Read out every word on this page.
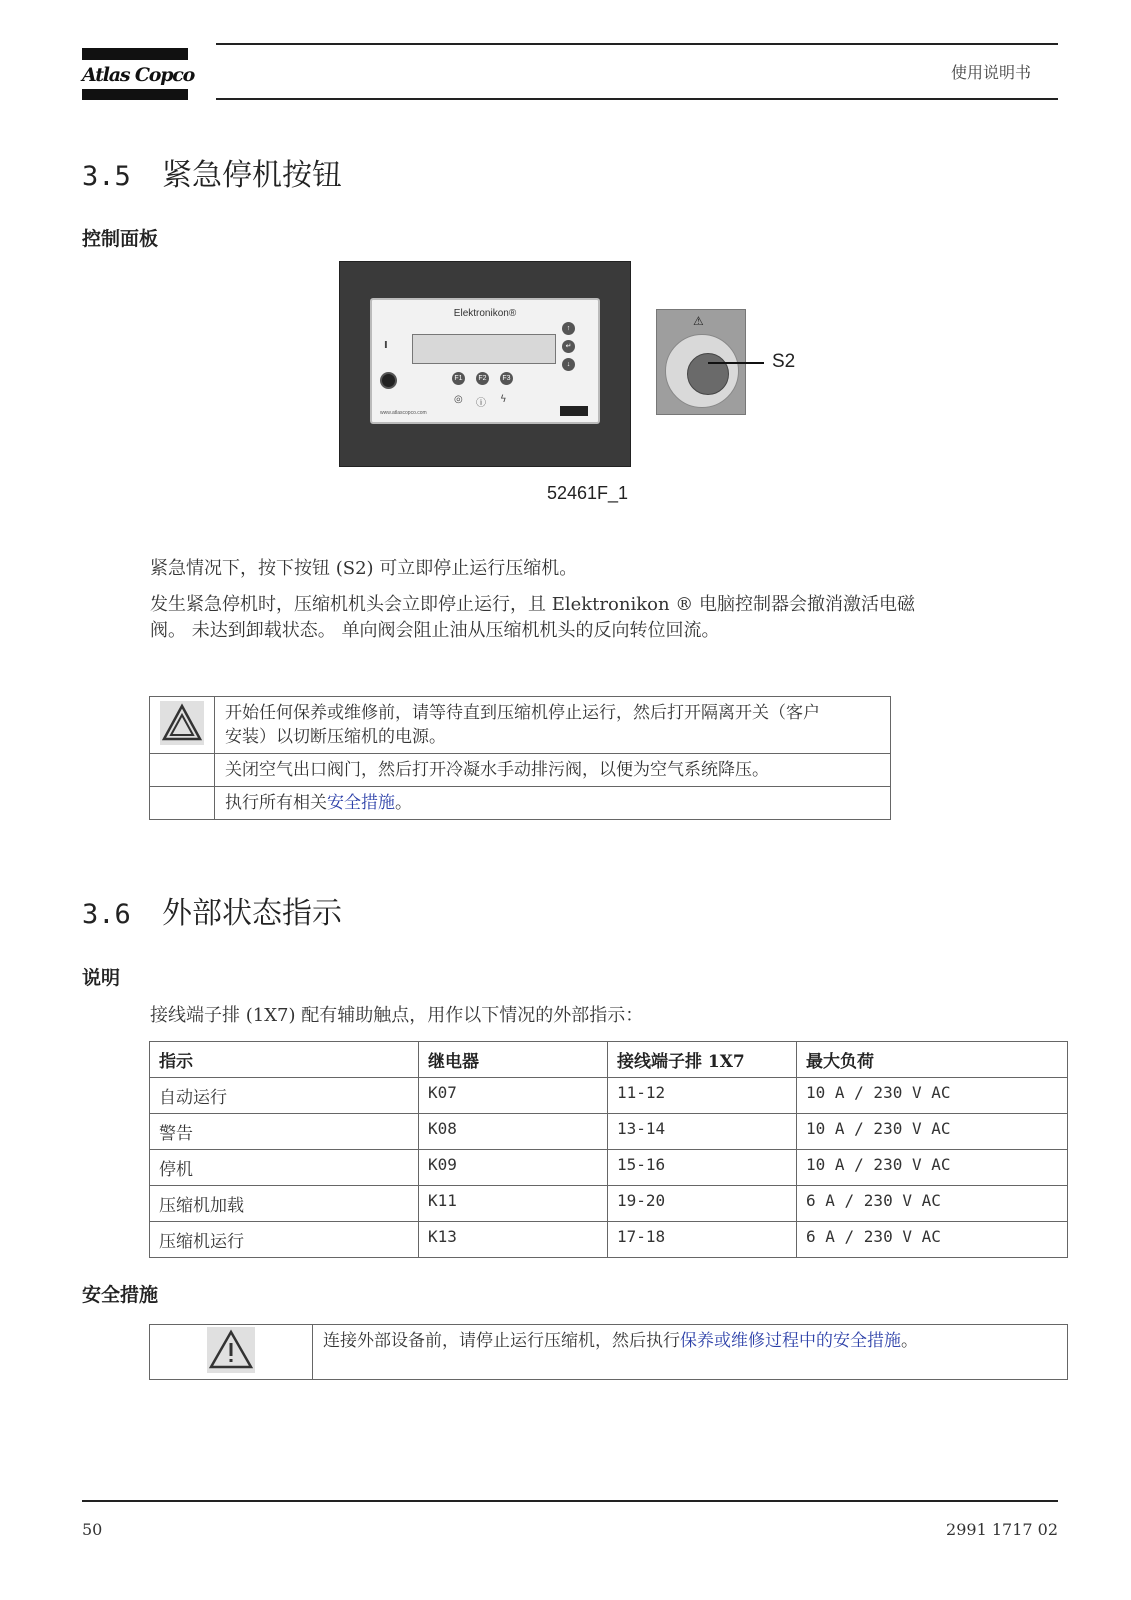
Atlas Copco	使用说明书
3.5 紧急停机按钮
控制面板
Elektronikon®
I
↑
↵
↓
F1	F2	F3
◎ ⓘ ϟ
www.atlascopco.com
⚠
S2
52461F_1

紧急情况下，按下按钮 (S2) 可立即停止运行压缩机。

发生紧急停机时，压缩机机头会立即停止运行，且 Elektronikon ® 电脑控制器会撤消激活电磁

阀。 未达到卸载状态。 单向阀会阻止油从压缩机机头的反向转位回流。

开始任何保养或维修前，请等待直到压缩机停止运行，然后打开隔离开关（客户
安装）以切断压缩机的电源。

	关闭空气出口阀门，然后打开冷凝水手动排污阀，以便为空气系统降压。
	执行所有相关安全措施。
3.6 外部状态指示
说明

接线端子排 (1X7) 配有辅助触点，用作以下情况的外部指示：

指示	继电器	接线端子排 1X7	最大负荷
自动运行	K07	11-12	10 A / 230 V AC
警告	K08	13-14	10 A / 230 V AC
停机	K09	15-16	10 A / 230 V AC
压缩机加载	K11	19-20	6 A / 230 V AC
压缩机运行	K13	17-18	6 A / 230 V AC
安全措施
	连接外部设备前，请停止运行压缩机，然后执行保养或维修过程中的安全措施。
50	2991 1717 02
